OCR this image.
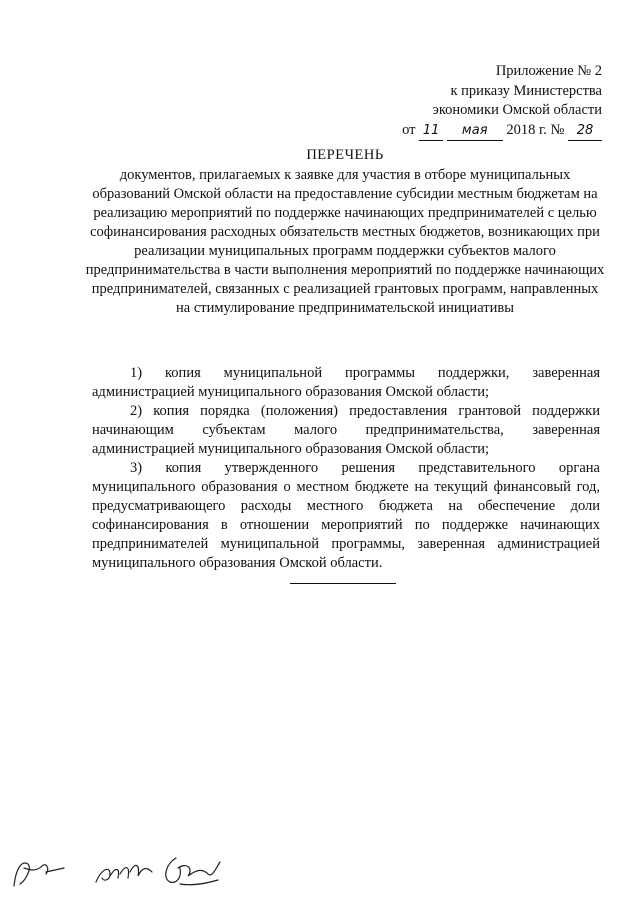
Приложение № 2
к приказу Министерства
экономики Омской области
от 11 мая 2018 г. № 28
ПЕРЕЧЕНЬ
документов, прилагаемых к заявке для участия в отборе муниципальных образований Омской области на предоставление субсидии местным бюджетам на реализацию мероприятий по поддержке начинающих предпринимателей с целью софинансирования расходных обязательств местных бюджетов, возникающих при реализации муниципальных программ поддержки субъектов малого предпринимательства в части выполнения мероприятий по поддержке начинающих предпринимателей, связанных с реализацией грантовых программ, направленных на стимулирование предпринимательской инициативы

1) копия муниципальной программы поддержки, заверенная администрацией муниципального образования Омской области;

2) копия порядка (положения) предоставления грантовой поддержки начинающим субъектам малого предпринимательства, заверенная администрацией муниципального образования Омской области;

3) копия утвержденного решения представительного органа муниципального образования о местном бюджете на текущий финансовый год, предусматривающего расходы местного бюджета на обеспечение доли софинансирования в отношении мероприятий по поддержке начинающих предпринимателей муниципальной программы, заверенная администрацией муниципального образования Омской области.
